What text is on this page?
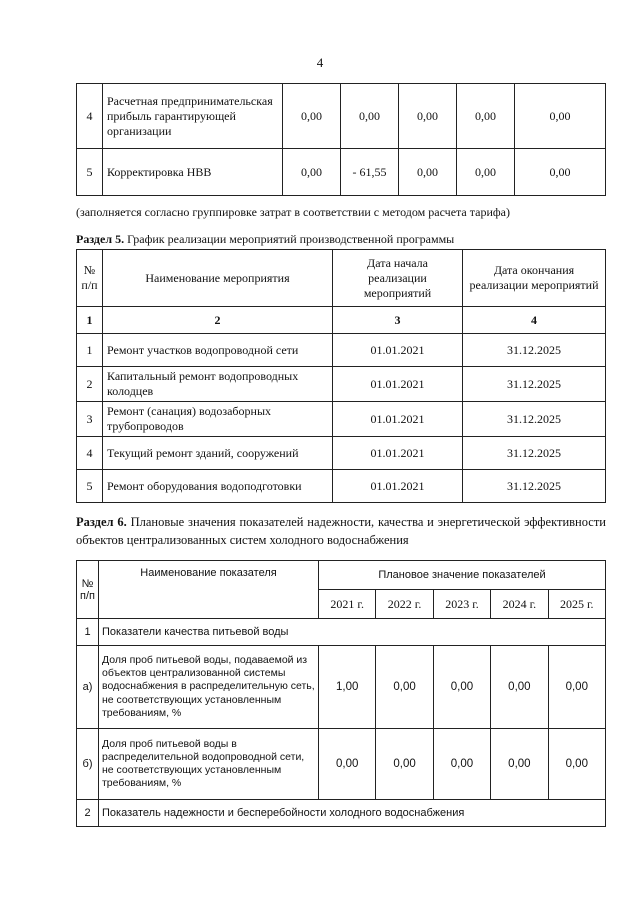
4
4	Расчетная предпринимательская прибыль гарантирующей организации	0,00	0,00	0,00	0,00	0,00
5	Корректировка НВВ	0,00	- 61,55	0,00	0,00	0,00
(заполняется согласно группировке затрат в соответствии с методом расчета тарифа)
Раздел 5. График реализации мероприятий производственной программы
№ п/п	Наименование мероприятия	Дата начала реализации мероприятий	Дата окончания реализации мероприятий
1	2	3	4
1	Ремонт участков водопроводной сети	01.01.2021	31.12.2025
2	Капитальный ремонт водопроводных колодцев	01.01.2021	31.12.2025
3	Ремонт (санация) водозаборных трубопроводов	01.01.2021	31.12.2025
4	Текущий ремонт зданий, сооружений	01.01.2021	31.12.2025
5	Ремонт оборудования водоподготовки	01.01.2021	31.12.2025
Раздел 6. Плановые значения показателей надежности, качества и энергетической эффективности объектов централизованных систем холодного водоснабжения
№ п/п	Наименование показателя	Плановое значение показателей				
		2021 г.	2022 г.	2023 г.	2024 г.	2025 г.
1	Показатели качества питьевой воды					
а)	Доля проб питьевой воды, подаваемой из объектов централизованной системы водоснабжения в распределительную сеть, не соответствующих установленным требованиям, %	1,00	0,00	0,00	0,00	0,00
б)	Доля проб питьевой воды в распределительной водопроводной сети, не соответствующих установленным требованиям, %	0,00	0,00	0,00	0,00	0,00
2	Показатель надежности и бесперебойности холодного водоснабжения					
